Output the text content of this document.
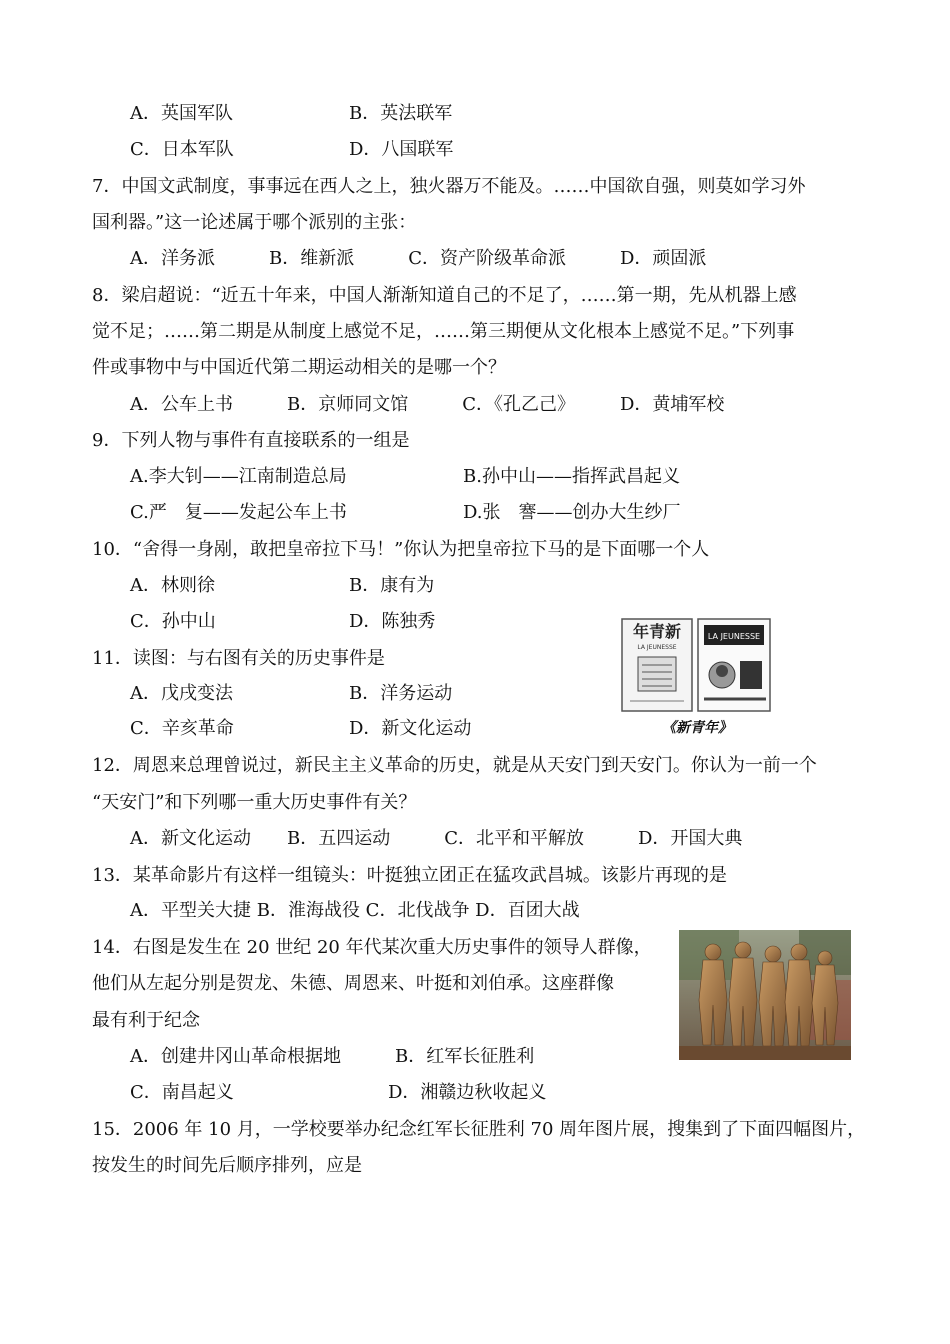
A．英国军队	B．英法联军
C．日本军队	D．八国联军
7．中国文武制度，事事远在西人之上，独火器万不能及。……中国欲自强，则莫如学习外
国利器。”这一论述属于哪个派别的主张：
A．洋务派　　　B．维新派　　　C．资产阶级革命派　　　D．顽固派
8．梁启超说：“近五十年来，中国人渐渐知道自己的不足了，……第一期，先从机器上感
觉不足；……第二期是从制度上感觉不足，……第三期便从文化根本上感觉不足。”下列事
件或事物中与中国近代第二期运动相关的是哪一个？
A．公车上书　　　B．京师同文馆　　　C．《孔乙己》　　　D．黄埔军校
9．下列人物与事件有直接联系的一组是
A.李大钊——江南制造总局	B.孙中山——指挥武昌起义
C.严　复——发起公车上书	D.张　謇——创办大生纱厂
10．“舍得一身剐，敢把皇帝拉下马！”你认为把皇帝拉下马的是下面哪一个人
A．林则徐	B．康有为
C．孙中山	D．陈独秀
11．读图：与右图有关的历史事件是
A．戊戌变法	B．洋务运动
C．辛亥革命	D．新文化运动
年青新
LA JEUNESSE
LA JEUNESSE
《新青年》
12．周恩来总理曾说过，新民主主义革命的历史，就是从天安门到天安门。你认为一前一个
“天安门”和下列哪一重大历史事件有关？
A．新文化运动　　B．五四运动　　　C．北平和平解放　　　D．开国大典
13．某革命影片有这样一组镜头：叶挺独立团正在猛攻武昌城。该影片再现的是
A．平型关大捷 B．淮海战役 C．北伐战争 D．百团大战
14．右图是发生在 20 世纪 20 年代某次重大历史事件的领导人群像，
他们从左起分别是贺龙、朱德、周恩来、叶挺和刘伯承。这座群像
最有利于纪念
A．创建井冈山革命根据地　　　B．红军长征胜利
C．南昌起义	D．湘赣边秋收起义
15．2006 年 10 月，一学校要举办纪念红军长征胜利 70 周年图片展，搜集到了下面四幅图片，
按发生的时间先后顺序排列，应是
